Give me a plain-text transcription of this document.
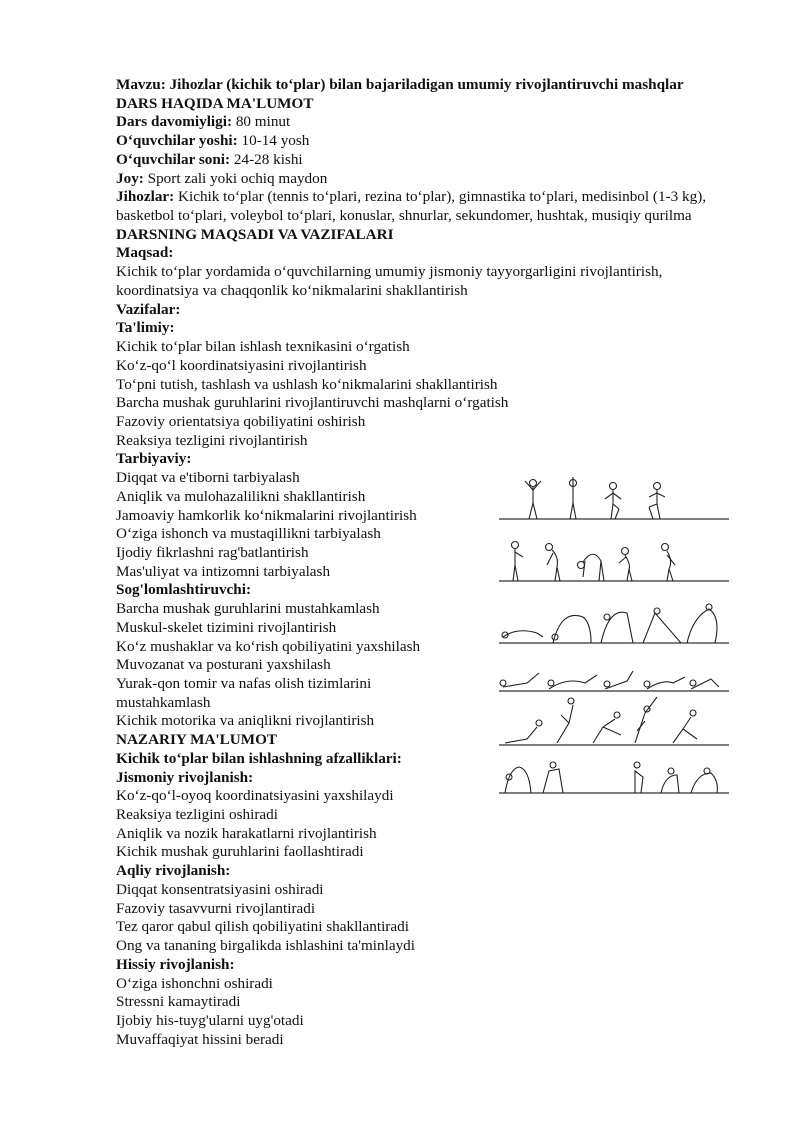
Mavzu: Jihozlar (kichik to‘plar) bilan bajariladigan umumiy rivojlantiruvchi mashqlar
DARS HAQIDA MA'LUMOT
Dars davomiyligi: 80 minut
O‘quvchilar yoshi: 10-14 yosh
O‘quvchilar soni: 24-28 kishi
Joy: Sport zali yoki ochiq maydon
Jihozlar: Kichik to‘plar (tennis to‘plari, rezina to‘plar), gimnastika to‘plari, medisinbol (1-3 kg),
basketbol to‘plari, voleybol to‘plari, konuslar, shnurlar, sekundomer, hushtak, musiqiy qurilma
DARSNING MAQSADI VA VAZIFALARI
Maqsad:
Kichik to‘plar yordamida o‘quvchilarning umumiy jismoniy tayyorgarligini rivojlantirish,
koordinatsiya va chaqqonlik ko‘nikmalarini shakllantirish
Vazifalar:
Ta'limiy:
Kichik to‘plar bilan ishlash texnikasini o‘rgatish
Ko‘z-qo‘l koordinatsiyasini rivojlantirish
To‘pni tutish, tashlash va ushlash ko‘nikmalarini shakllantirish
Barcha mushak guruhlarini rivojlantiruvchi mashqlarni o‘rgatish
Fazoviy orientatsiya qobiliyatini oshirish
Reaksiya tezligini rivojlantirish
Tarbiyaviy:
Diqqat va e'tiborni tarbiyalash
Aniqlik va mulohazalilikni shakllantirish
Jamoaviy hamkorlik ko‘nikmalarini rivojlantirish
O‘ziga ishonch va mustaqillikni tarbiyalash
Ijodiy fikrlashni rag'batlantirish
Mas'uliyat va intizomni tarbiyalash
Sog'lomlashtiruvchi:
Barcha mushak guruhlarini mustahkamlash
Muskul-skelet tizimini rivojlantirish
Ko‘z mushaklar va ko‘rish qobiliyatini yaxshilash
Muvozanat va posturani yaxshilash
Yurak-qon tomir va nafas olish tizimlarini mustahkamlash
Kichik motorika va aniqlikni rivojlantirish
NAZARIY MA'LUMOT
Kichik to‘plar bilan ishlashning afzalliklari:
Jismoniy rivojlanish:
Ko‘z-qo‘l-oyoq koordinatsiyasini yaxshilaydi
Reaksiya tezligini oshiradi
Aniqlik va nozik harakatlarni rivojlantirish
Kichik mushak guruhlarini faollashtiradi
Aqliy rivojlanish:
Diqqat konsentratsiyasini oshiradi
Fazoviy tasavvurni rivojlantiradi
Tez qaror qabul qilish qobiliyatini shakllantiradi
Ong va tananing birgalikda ishlashini ta'minlaydi
Hissiy rivojlanish:
O‘ziga ishonchni oshiradi
Stressni kamaytiradi
Ijobiy his-tuyg'ularni uyg'otadi
Muvaffaqiyat hissini beradi
